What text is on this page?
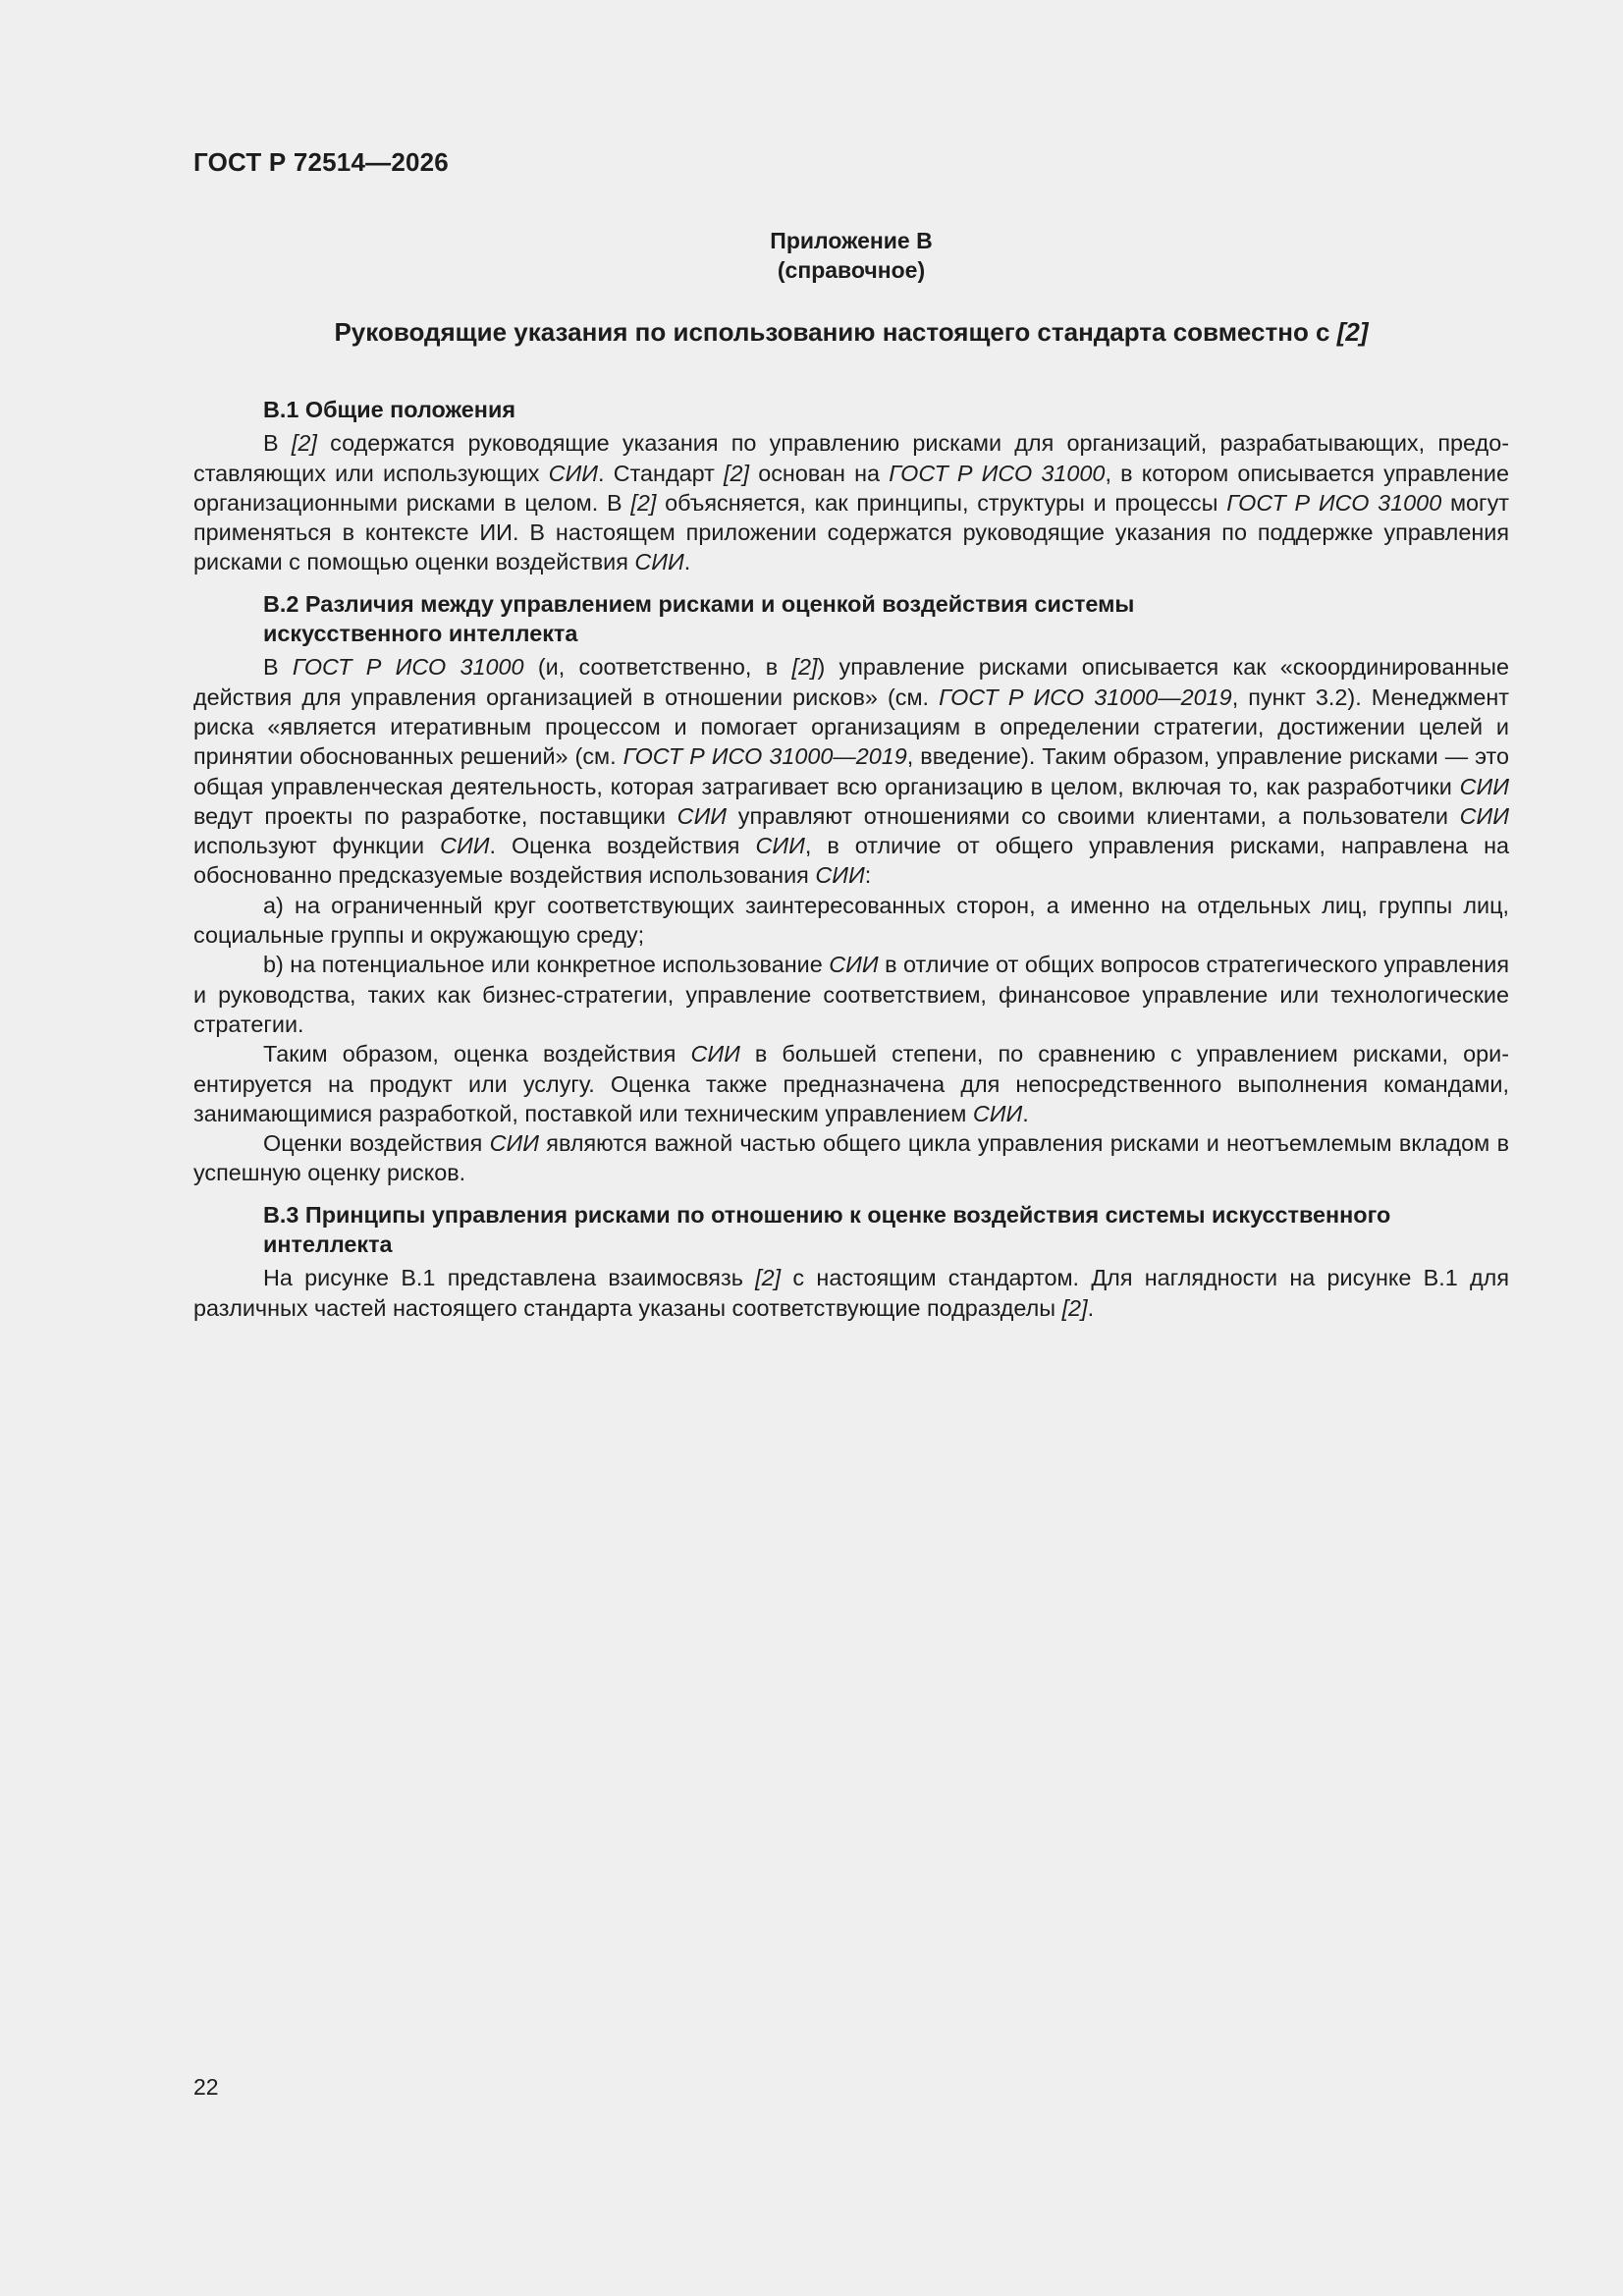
ГОСТ Р 72514—2026
Приложение В
(справочное)
Руководящие указания по использованию настоящего стандарта совместно с [2]
В.1 Общие положения

В [2] содержатся руководящие указания по управлению рисками для организаций, разрабатывающих, предоставляющих или использующих СИИ. Стандарт [2] основан на ГОСТ Р ИСО 31000, в котором описывается управление организационными рисками в целом. В [2] объясняется, как принципы, структуры и процессы ГОСТ Р ИСО 31000 могут применяться в контексте ИИ. В настоящем приложении содержатся руководящие указания по поддержке управления рисками с помощью оценки воздействия СИИ.

В.2 Различия между управлением рисками и оценкой воздействия системы
искусственного интеллекта

В ГОСТ Р ИСО 31000 (и, соответственно, в [2]) управление рисками описывается как «скоординированные действия для управления организацией в отношении рисков» (см. ГОСТ Р ИСО 31000—2019, пункт 3.2). Менеджмент риска «является итеративным процессом и помогает организациям в определении стратегии, достижении целей и принятии обоснованных решений» (см. ГОСТ Р ИСО 31000—2019, введение). Таким образом, управление рисками — это общая управленческая деятельность, которая затрагивает всю организацию в целом, включая то, как разработчики СИИ ведут проекты по разработке, поставщики СИИ управляют отношениями со своими клиентами, а пользователи СИИ используют функции СИИ. Оценка воздействия СИИ, в отличие от общего управления рисками, направлена на обоснованно предсказуемые воздействия использования СИИ:

a) на ограниченный круг соответствующих заинтересованных сторон, а именно на отдельных лиц, группы лиц, социальные группы и окружающую среду;

b) на потенциальное или конкретное использование СИИ в отличие от общих вопросов стратегического управления и руководства, таких как бизнес-стратегии, управление соответствием, финансовое управление или технологические стратегии.

Таким образом, оценка воздействия СИИ в большей степени, по сравнению с управлением рисками, ориентируется на продукт или услугу. Оценка также предназначена для непосредственного выполнения командами, занимающимися разработкой, поставкой или техническим управлением СИИ.

Оценки воздействия СИИ являются важной частью общего цикла управления рисками и неотъемлемым вкладом в успешную оценку рисков.

В.3 Принципы управления рисками по отношению к оценке воздействия системы искусственного
интеллекта

На рисунке В.1 представлена взаимосвязь [2] с настоящим стандартом. Для наглядности на рисунке В.1 для различных частей настоящего стандарта указаны соответствующие подразделы [2].

22
